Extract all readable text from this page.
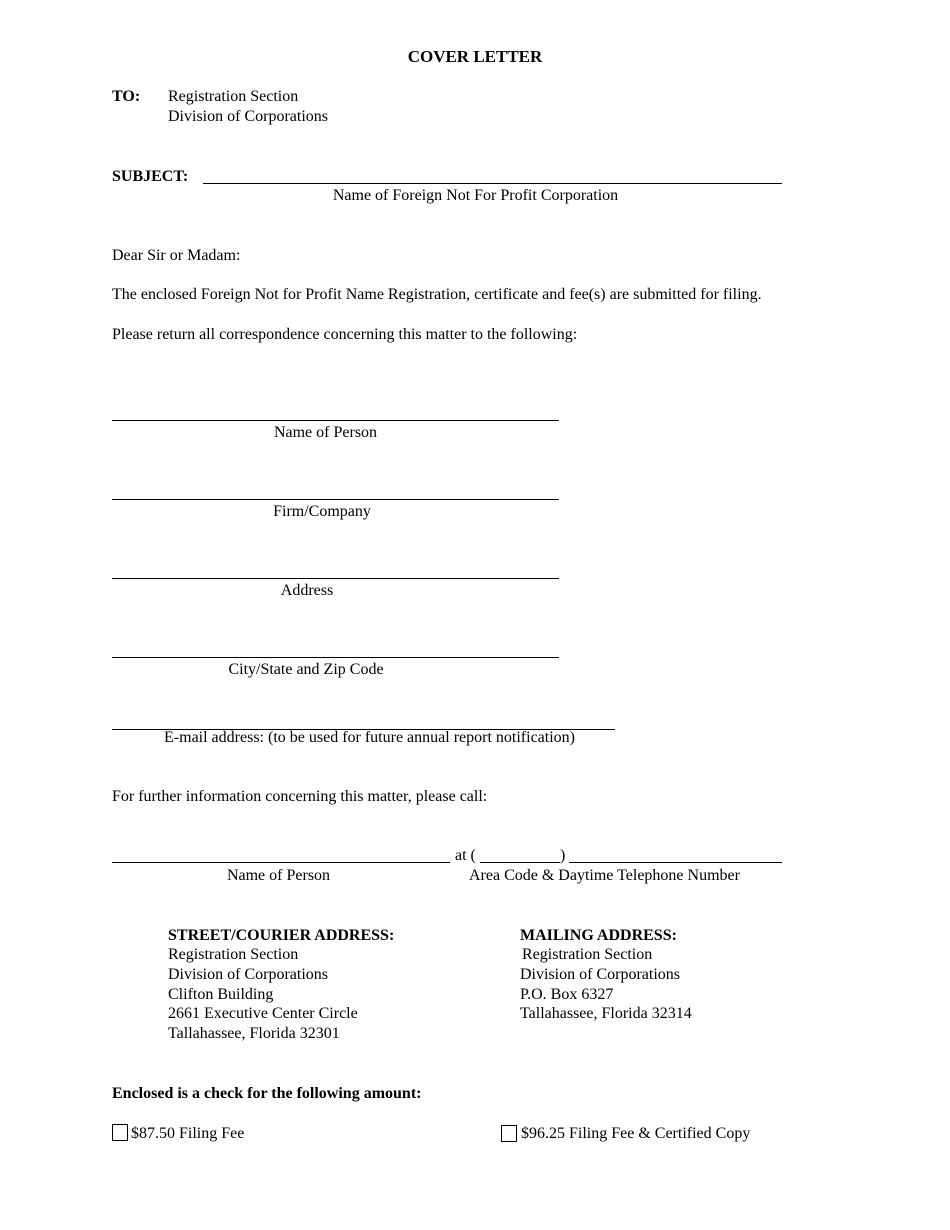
COVER LETTER
TO: Registration Section
Division of Corporations
SUBJECT:
Name of Foreign Not For Profit Corporation
Dear Sir or Madam:
The enclosed Foreign Not for Profit Name Registration, certificate and fee(s) are submitted for filing.
Please return all correspondence concerning this matter to the following:
Name of Person
Firm/Company
Address
City/State and Zip Code
E-mail address: (to be used for future annual report notification)
For further information concerning this matter, please call:
at (	)
Name of Person	Area Code & Daytime Telephone Number
STREET/COURIER ADDRESS:
Registration Section
Division of Corporations
Clifton Building
2661 Executive Center Circle
Tallahassee, Florida 32301
MAILING ADDRESS:
Registration Section
Division of Corporations
P.O. Box 6327
Tallahassee, Florida 32314
Enclosed is a check for the following amount:
$87.50 Filing Fee	$96.25 Filing Fee & Certified Copy
